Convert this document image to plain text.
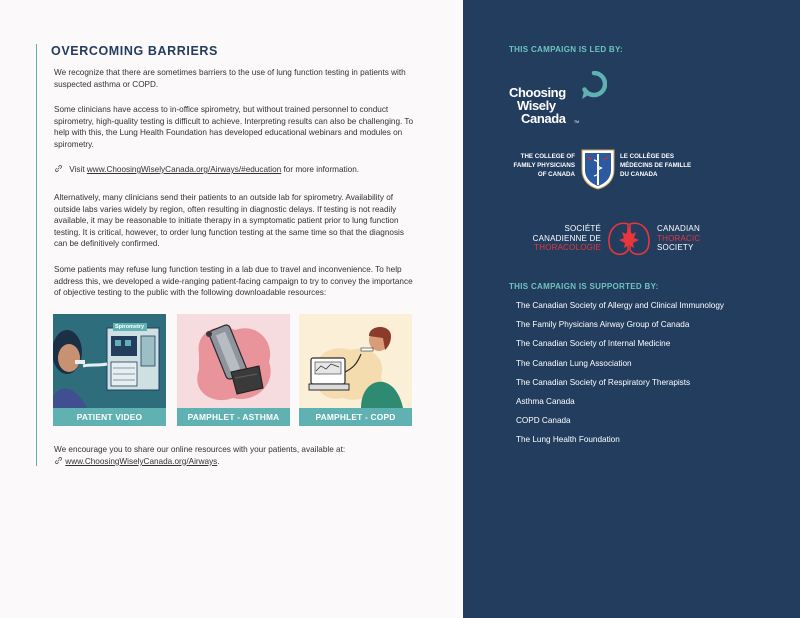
OVERCOMING BARRIERS
We recognize that there are sometimes barriers to the use of lung function testing in patients with suspected asthma or COPD.
Some clinicians have access to in-office spirometry, but without trained personnel to conduct spirometry, high-quality testing is difficult to achieve. Interpreting results can also be challenging. To help with this, the Lung Health Foundation has developed educational webinars and modules on spirometry.
Visit www.ChoosingWiselyCanada.org/Airways/#education for more information.
Alternatively, many clinicians send their patients to an outside lab for spirometry. Availability of outside labs varies widely by region, often resulting in diagnostic delays. If testing is not readily available, it may be reasonable to initiate therapy in a symptomatic patient prior to lung function testing. It is critical, however, to order lung function testing at the same time so that the diagnosis can be definitively confirmed.
Some patients may refuse lung function testing in a lab due to travel and inconvenience. To help address this, we developed a wide-ranging patient-facing campaign to try to convey the importance of objective testing to the public with the following downloadable resources:
Spirometry
PATIENT VIDEO	PAMPHLET - ASTHMA	PAMPHLET - COPD
We encourage you to share our online resources with your patients, available at:
www.ChoosingWiselyCanada.org/Airways.
THIS CAMPAIGN IS LED BY:
Choosing
Wisely
Canada TM
THE COLLEGE OF
FAMILY PHYSICIANS
OF CANADA
LE COLLÈGE DES
MÉDECINS DE FAMILLE
DU CANADA
SOCIÉTÉ
CANADIENNE DE
THORACOLOGIE
CANADIAN
THORACIC
SOCIETY
THIS CAMPAIGN IS SUPPORTED BY:
The Canadian Society of Allergy and Clinical Immunology
The Family Physicians Airway Group of Canada
The Canadian Society of Internal Medicine
The Canadian Lung Association
The Canadian Society of Respiratory Therapists
Asthma Canada
COPD Canada
The Lung Health Foundation
